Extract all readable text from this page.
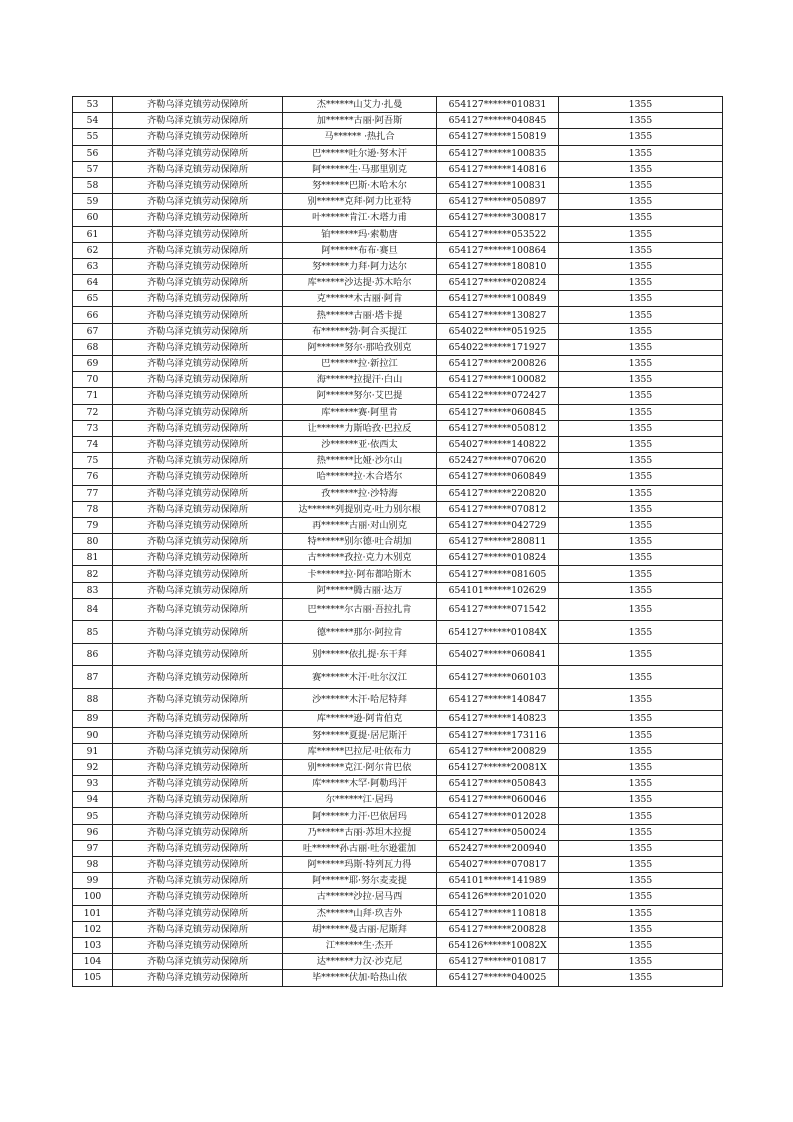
53	齐勒乌泽克镇劳动保障所	杰******山艾力·扎曼	654127******010831	1355
54	齐勒乌泽克镇劳动保障所	加******古丽·阿吾斯	654127******040845	1355
55	齐勒乌泽克镇劳动保障所	马****** ·热扎合	654127******150819	1355
56	齐勒乌泽克镇劳动保障所	巴******吐尔逊·努木汗	654127******100835	1355
57	齐勒乌泽克镇劳动保障所	阿******生·马那里别克	654127******140816	1355
58	齐勒乌泽克镇劳动保障所	努******巴斯·木哈木尔	654127******100831	1355
59	齐勒乌泽克镇劳动保障所	别******克拜·阿力比亚特	654127******050897	1355
60	齐勒乌泽克镇劳动保障所	叶******肯江·木塔力甫	654127******300817	1355
61	齐勒乌泽克镇劳动保障所	铂******玛·索勒唐	654127******053522	1355
62	齐勒乌泽克镇劳动保障所	阿******布布·赛旦	654127******100864	1355
63	齐勒乌泽克镇劳动保障所	努******力拜·阿力达尔	654127******180810	1355
64	齐勒乌泽克镇劳动保障所	库******沙达提·苏木哈尔	654127******020824	1355
65	齐勒乌泽克镇劳动保障所	克******木古丽·阿肯	654127******100849	1355
66	齐勒乌泽克镇劳动保障所	热******古丽·塔卡提	654127******130827	1355
67	齐勒乌泽克镇劳动保障所	布******勃·阿合买提江	654022******051925	1355
68	齐勒乌泽克镇劳动保障所	阿******努尔·那哈孜别克	654022******171927	1355
69	齐勒乌泽克镇劳动保障所	巴******拉·新拉江	654127******200826	1355
70	齐勒乌泽克镇劳动保障所	海******拉提汗·白山	654127******100082	1355
71	齐勒乌泽克镇劳动保障所	阿******努尔·艾巴提	654122******072427	1355
72	齐勒乌泽克镇劳动保障所	库******赛·阿里肯	654127******060845	1355
73	齐勒乌泽克镇劳动保障所	让******力斯哈孜·巴拉反	654127******050812	1355
74	齐勒乌泽克镇劳动保障所	沙******亚·依西太	654027******140822	1355
75	齐勒乌泽克镇劳动保障所	热******比娅·沙尔山	652427******070620	1355
76	齐勒乌泽克镇劳动保障所	哈******拉·木合塔尔	654127******060849	1355
77	齐勒乌泽克镇劳动保障所	孜******拉·沙特海	654127******220820	1355
78	齐勒乌泽克镇劳动保障所	达******列提别克·吐力别尔根	654127******070812	1355
79	齐勒乌泽克镇劳动保障所	再******古丽·对山别克	654127******042729	1355
80	齐勒乌泽克镇劳动保障所	特******别尔德·吐合胡加	654127******280811	1355
81	齐勒乌泽克镇劳动保障所	古******孜拉·克力木别克	654127******010824	1355
82	齐勒乌泽克镇劳动保障所	卡******拉·阿布都哈斯木	654127******081605	1355
83	齐勒乌泽克镇劳动保障所	阿******腾古丽·达万	654101******102629	1355
84	齐勒乌泽克镇劳动保障所	巴******尔古丽·吾拉扎肯	654127******071542	1355
85	齐勒乌泽克镇劳动保障所	德******那尔·阿拉肯	654127******01084X	1355
86	齐勒乌泽克镇劳动保障所	别******依扎提·东干拜	654027******060841	1355
87	齐勒乌泽克镇劳动保障所	赛******木汗·吐尔汉江	654127******060103	1355
88	齐勒乌泽克镇劳动保障所	沙******木汗·哈尼特拜	654127******140847	1355
89	齐勒乌泽克镇劳动保障所	库******逊·阿肯伯克	654127******140823	1355
90	齐勒乌泽克镇劳动保障所	努******夏提·居尼斯汗	654127******173116	1355
91	齐勒乌泽克镇劳动保障所	库******巴拉尼·吐依布力	654127******200829	1355
92	齐勒乌泽克镇劳动保障所	别******克江·阿尔肯巴依	654127******20081X	1355
93	齐勒乌泽克镇劳动保障所	库******木罕·阿勒玛汗	654127******050843	1355
94	齐勒乌泽克镇劳动保障所	尔******江·居玛	654127******060046	1355
95	齐勒乌泽克镇劳动保障所	阿******力汗·巴依居玛	654127******012028	1355
96	齐勒乌泽克镇劳动保障所	乃******古丽·苏坦木拉提	654127******050024	1355
97	齐勒乌泽克镇劳动保障所	吐******孙古丽·吐尔逊霍加	652427******200940	1355
98	齐勒乌泽克镇劳动保障所	阿******玛斯·特列瓦力得	654027******070817	1355
99	齐勒乌泽克镇劳动保障所	阿******耶·努尔麦麦提	654101******141989	1355
100	齐勒乌泽克镇劳动保障所	古******沙拉·居马西	654126******201020	1355
101	齐勒乌泽克镇劳动保障所	杰******山拜·玖吉外	654127******110818	1355
102	齐勒乌泽克镇劳动保障所	胡******曼古丽·尼斯拜	654127******200828	1355
103	齐勒乌泽克镇劳动保障所	江******生·杰开	654126******10082X	1355
104	齐勒乌泽克镇劳动保障所	达******力汉·沙克尼	654127******010817	1355
105	齐勒乌泽克镇劳动保障所	毕******伏加·哈热山依	654127******040025	1355
